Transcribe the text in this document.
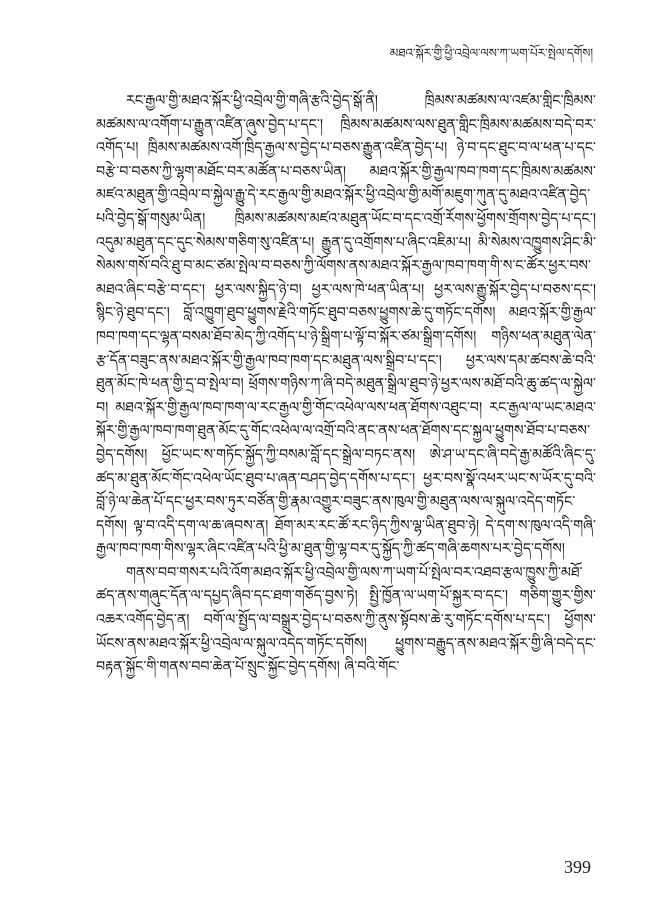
མཐའ་སྐོར་གྱི་ཕྱི་འབྲེལ་ལས་ཀ་ཡག་པོར་སྤེལ་དགོས།

རང་རྒྱལ་གྱི་མཐའ་སྐོར་ཕྱི་འབྲེལ་གྱི་གཞི་རྩའི་བྱེད་སྒོ་ནི། ཁྲིམས་མཚམས་ལ་འཛམ་གླིང་ཁྲིམས་མཚམས་ལ་འགོག་པ་རྒྱུན་འཛིན་ཞུས་བྱེད་པ་དང་། ཁྲིམས་མཚམས་ལས་ཐུན་གླིང་ཁྲིམས་མཚམས་བདེ་བར་འགོད་པ། ཁྲིམས་མཚམས་འགོ་ཁྲིད་རྒྱལ་ས་བྱེད་པ་བཅས་རྒྱུན་འཛིན་བྱེད་པ། ཉེ་བ་དང་ཐུང་བ་ལ་ཕན་པ་དང་བརྩེ་བ་བཅས་ཀྱི་ལྷག་མཐོང་བར་མཚོན་པ་བཅས་ཡིན། མཐའ་སྐོར་གྱི་རྒྱལ་ཁབ་ཁག་དང་ཁྲིམས་མཚམས་མཛའ་མཐུན་གྱི་འབྲེལ་བ་སྐྱེལ་རྒྱུ་དེ་རང་རྒྱལ་གྱི་མཐའ་སྐོར་ཕྱི་འབྲེལ་གྱི་མགོ་མཇུག་ཀུན་དུ་མཐའ་འཛིན་བྱེད་པའི་བྱེད་སྒོ་གསུམ་ཡིན། ཁྲིམས་མཚམས་མཛའ་མཐུན་ཡོང་བ་དང་འགྲོ་རོགས་ཕྱོགས་གྲོགས་བྱེད་པ་དང་། འདུམ་མཐུན་དང་དུང་སེམས་གཅིག་སུ་འཛིན་པ། རྒྱུན་དུ་འགྲོགས་པ་ཞིང་འཇིམ་པ། མི་སེམས་འཁྱུགས་ཤིང་མི་སེམས་གསོ་བའི་ཐུ་བ་མང་ཙམ་སྤེལ་བ་བཅས་ཀྱི་ལོགས་ནས་མཐའ་སྐོར་རྒྱལ་ཁབ་ཁག་གི་ས་ང་ཚོར་ཕྱར་བས་མཐའ་ཞིང་བརྩེ་བ་དང་། ཕྱར་ལས་སྐྱིད་ཉེ་བ། ཕྱར་ལས་ཁེ་ཕན་ཡིན་པ། ཕྱར་ལས་རྒྱུ་སྐོར་བྱེད་པ་བཅས་དང་། སྙིང་ཉེ་ཐུབ་དང་། བློ་འཁྱུག་ཐུབ་ཕྱུགས་རྗེའི་གཏོང་ཐུབ་བཅས་ཕྱུགས་ཆེ་དུ་གཏོང་དགོས། མཐའ་སྐོར་གྱི་རྒྱལ་ཁབ་ཁག་དང་ལྷན་བསམ་ཐོབ་མེད་ཀྱི་འགོད་པ་ཉེ་སྒྲིག་པ་ལྟོ་བ་སྐོར་ཙམ་སྒྲིག་དགོས། གཉིས་ཕན་མཐུན་ལེན་རྩ་དོན་བཟུང་ནས་མཐའ་སྐོར་གྱི་རྒྱལ་ཁབ་ཁག་དང་མཐུན་ལས་སྒྲིབ་པ་དང་། ཕྱར་ལས་དམ་ཚབས་ཆེ་བའི་ཐུན་མོང་ཁེ་ཕན་གྱི་དྲ་བ་སྤེལ་བ། ཕྲོགས་གཉིས་ཀ་ཞི་བདེ་མཐུན་སྒྲིལ་ཐུབ་ཉེ་ཕྱར་ལས་མཐོ་བའི་ཆུ་ཚད་ལ་སྐྱེལ་བ། མཐའ་སྐོར་གྱི་རྒྱལ་ཁབ་ཁག་ལ་རང་རྒྱལ་གྱི་གོང་འཕེལ་ལས་ཕན་ཐོགས་འཐུང་བ། རང་རྒྱལ་ལ་ཡང་མཐའ་སྐོར་གྱི་རྒྱལ་ཁབ་ཁག་ཐུན་མོང་དུ་གོང་འཕེལ་ལ་འགྲོ་བའི་ནང་ནས་ཕན་ཐོགས་དང་སྐྱལ་ཕྱུགས་ཐོབ་པ་བཅས་བྱེད་དགོས། ཕྱོང་ཡང་ས་གཏོང་སྐྱོད་ཀྱི་བསམ་བློ་དང་སྒྲེལ་བཏང་ནས། ཨེ་ཤ་ཡ་དང་ཞི་བདེ་རྒྱ་མཚོའི་ཞིང་དུ་ཚད་མ་ཐུན་མོང་གོང་འཕེལ་ཡོང་ཐུབ་པ་ཞན་བཤད་བྱེད་དགོས་པ་དང་། ཕྱར་བས་སྣོ་འཕར་ཡང་ས་ཡོར་དུ་བའི་བློ་ཉེ་ལ་ཆེན་པོ་དང་ཕྱར་བས་ཏུར་བཙོན་གྱི་རྣམ་འགྱུར་བཟུང་ནས་ཁུལ་གྱི་མཐུན་ལས་ལ་སྐུལ་འདེད་གཏོང་དགོས། ལྟ་བ་འདི་དག་ལ་ཆ་ཞབས་ན། ཐོག་མར་རང་ཚོ་རང་ཉིད་ཀྱིས་ལྷ་ཡིན་ཐུབ་ཉེ། དེ་དག་ས་ཁུལ་འདི་གཞི་རྒྱལ་ཁབ་ཁག་གིས་ལྷར་ཞིང་འཛིན་པའི་ཕྱི་མ་ཐུན་གྱི་ལྷ་བར་དུ་སྐྱོད་ཀྱི་ཚད་གཞི་ཆགས་པར་བྱེད་དགོས།

གནས་བབ་གསར་པའི་འོག་མཐའ་སྐོར་ཕྱི་འབྲེལ་གྱི་ལས་ཀ་ཡག་པོ་སྤེལ་བར་འཐབ་རྩལ་ཁྱུས་ཀྱི་མཐོ་ཚད་ནས་གཞུང་དོན་ལ་དཔྱད་ཞིབ་དང་ཐག་གཅོད་བྱས་ཏེ། སྤྱི་ཁྱོན་ལ་ཡག་པོ་སྐྱར་བ་དང་། གཅིག་གྱུར་གྱིས་འཆར་འགོད་བྱེད་ན། བགོ་ལ་སྤྱོད་ལ་བསྒྲུར་བྱེད་པ་བཅས་ཀྱི་ནུས་སྟོབས་ཆེ་རུ་གཏོང་དགོས་པ་དང་། ཕྱོགས་ཡོངས་ནས་མཐའ་སྐོར་ཕྱི་འབྲེལ་ལ་སྐུལ་འདེད་གཏོང་དགོས། ཕྱུགས་བརྒྱུད་ནས་མཐའ་སྐོར་གྱི་ཞི་བདེ་དང་བརྟན་སྐྱོང་གི་གནས་བབ་ཆེན་པོ་སྲུང་སྐྱོང་བྱེད་དགོས། ཞི་བའི་གོང་

399
